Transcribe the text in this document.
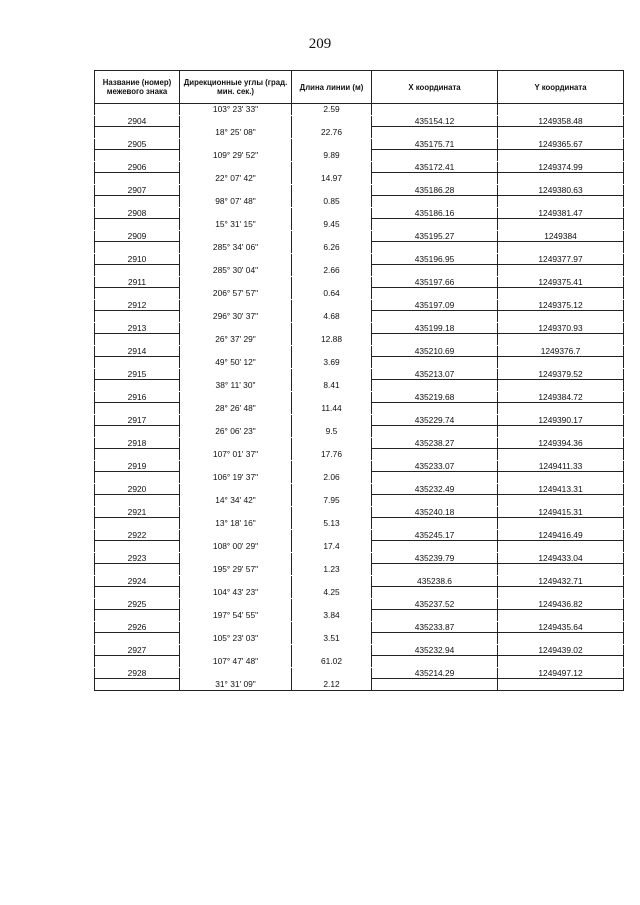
209
Название (номер) межевого знака	Дирекционные углы (град. мин. сек.)	Длина линии (м)	X координата	Y координата
	103° 23' 33"	2.59		
2904			435154.12	1249358.48
	18° 25' 08"	22.76		
2905			435175.71	1249365.67
	109° 29' 52"	9.89		
2906			435172.41	1249374.99
	22° 07' 42"	14.97		
2907			435186.28	1249380.63
	98° 07' 48"	0.85		
2908			435186.16	1249381.47
	15° 31' 15"	9.45		
2909			435195.27	1249384
	285° 34' 06"	6.26		
2910			435196.95	1249377.97
	285° 30' 04"	2.66		
2911			435197.66	1249375.41
	206° 57' 57"	0.64		
2912			435197.09	1249375.12
	296° 30' 37"	4.68		
2913			435199.18	1249370.93
	26° 37' 29"	12.88		
2914			435210.69	1249376.7
	49° 50' 12"	3.69		
2915			435213.07	1249379.52
	38° 11' 30"	8.41		
2916			435219.68	1249384.72
	28° 26' 48"	11.44		
2917			435229.74	1249390.17
	26° 06' 23"	9.5		
2918			435238.27	1249394.36
	107° 01' 37"	17.76		
2919			435233.07	1249411.33
	106° 19' 37"	2.06		
2920			435232.49	1249413.31
	14° 34' 42"	7.95		
2921			435240.18	1249415.31
	13° 18' 16"	5.13		
2922			435245.17	1249416.49
	108° 00' 29"	17.4		
2923			435239.79	1249433.04
	195° 29' 57"	1.23		
2924			435238.6	1249432.71
	104° 43' 23"	4.25		
2925			435237.52	1249436.82
	197° 54' 55"	3.84		
2926			435233.87	1249435.64
	105° 23' 03"	3.51		
2927			435232.94	1249439.02
	107° 47' 48"	61.02		
2928			435214.29	1249497.12
	31° 31' 09"	2.12		
